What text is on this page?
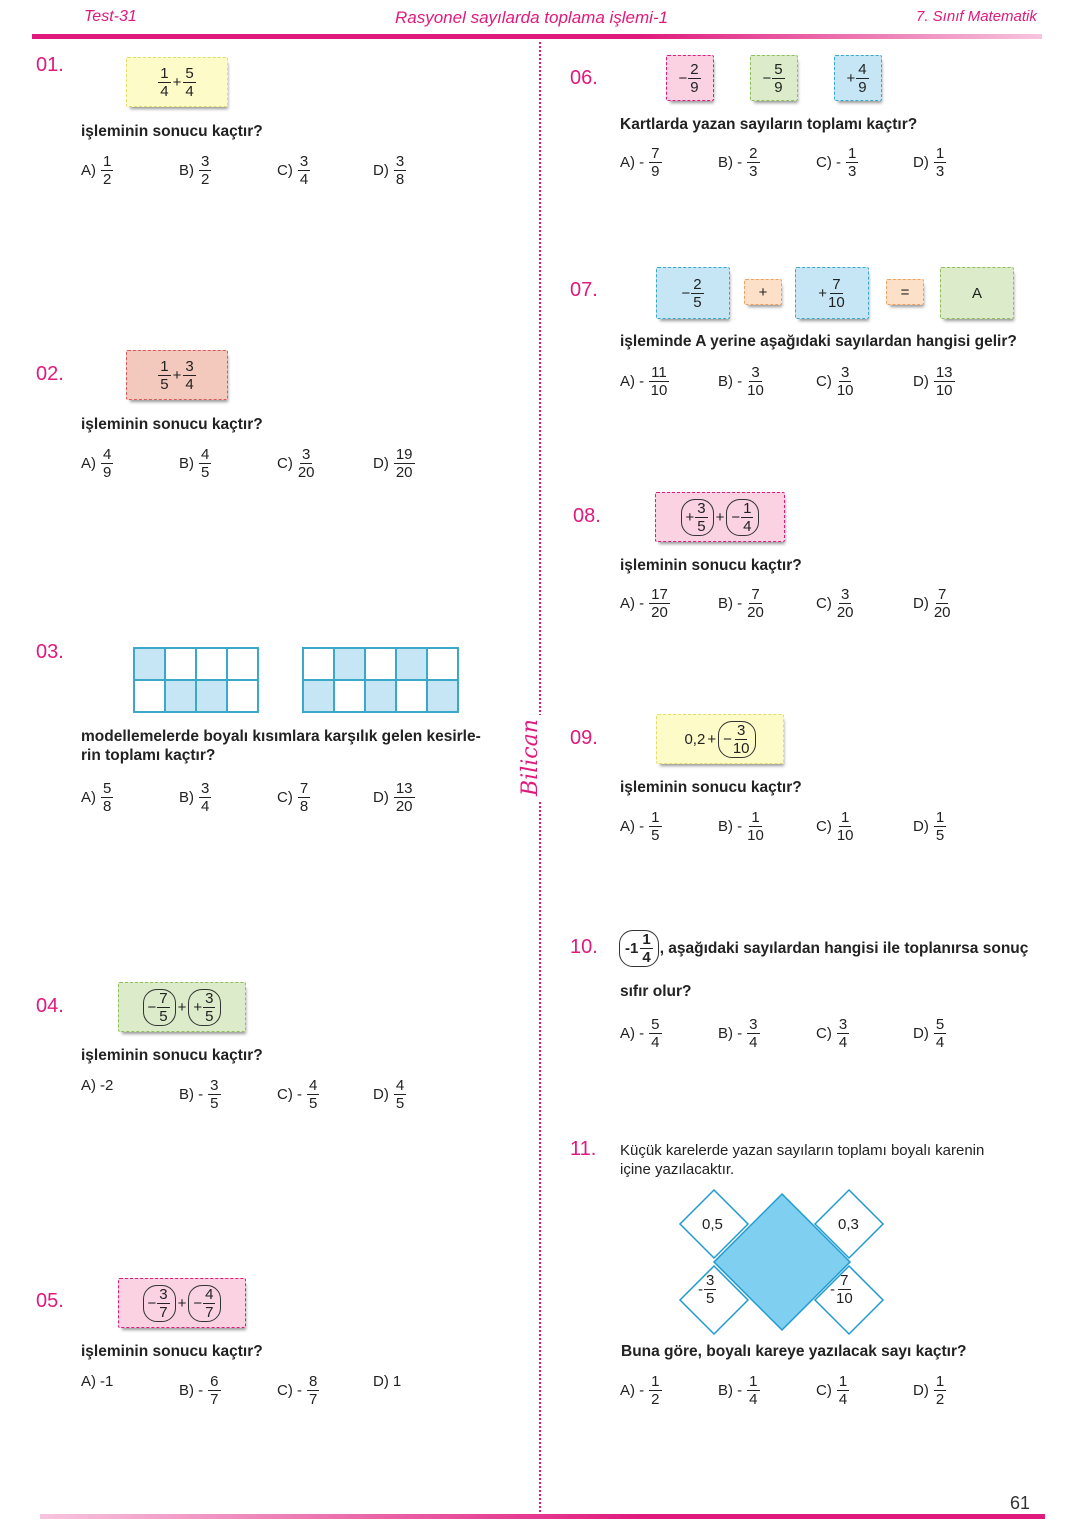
Test-31	Rasyonel sayılarda toplama işlemi-1	7. Sınıf Matematik
Bilican
61
01.	$\frac{1}{4} + \frac{5}{4}$
işleminin sonucu kaçtır?
$A) \frac{1}{2}$	$B) \frac{3}{2}$	$C) \frac{3}{4}$	$D) \frac{3}{8}$
02.	$\frac{1}{5} + \frac{3}{4}$
işleminin sonucu kaçtır?
$A) \frac{4}{9}$	$B) \frac{4}{5}$	$C) \frac{3}{20}$	$D) \frac{19}{20}$
03.
modellemelerde boyalı kısımlara karşılık gelen kesirle-
rin toplamı kaçtır?
$A) \frac{5}{8}$	$B) \frac{3}{4}$	$C) \frac{7}{8}$	$D) \frac{13}{20}$
04.	− $\frac{7}{5}$ + + $\frac{3}{5}$
işleminin sonucu kaçtır?
A) -2
$B) - \frac{3}{5}$	$C) - \frac{4}{5}$	$D) \frac{4}{5}$
05.	− $\frac{3}{7}$ + − $\frac{4}{7}$
işleminin sonucu kaçtır?
A) -1
$B) - \frac{6}{7}$	$C) - \frac{8}{7}$	D) 1
06.	− $\frac{2}{9}$	− $\frac{5}{9}$	+ $\frac{4}{9}$
Kartlarda yazan sayıların toplamı kaçtır?
$A) - \frac{7}{9}$	$B) - \frac{2}{3}$	$C) - \frac{1}{3}$	$D) \frac{1}{3}$
07.	− $\frac{2}{5}$	+	+ $\frac{7}{10}$	=	A
işleminde A yerine aşağıdaki sayılardan hangisi gelir?
$A) - \frac{11}{10}$	$B) - \frac{3}{10}$	$C) \frac{3}{10}$	$D) \frac{13}{10}$
08.	+ $\frac{3}{5}$ + − $\frac{1}{4}$
işleminin sonucu kaçtır?
$A) - \frac{17}{20}$	$B) - \frac{7}{20}$	$C) \frac{3}{20}$	$D) \frac{7}{20}$
09.	0,2 + − $\frac{3}{10}$
işleminin sonucu kaçtır?
$A) - \frac{1}{5}$	$B) - \frac{1}{10}$	$C) \frac{1}{10}$	$D) \frac{1}{5}$
10. $-1 \frac{1}{4}$ , aşağıdaki sayılardan hangisi ile toplanırsa sonuç
sıfır olur?
$A) - \frac{5}{4}$	$B) - \frac{3}{4}$	$C) \frac{3}{4}$	$D) \frac{5}{4}$
11. Küçük karelerde yazan sayıların toplamı boyalı karenin
içine yazılacaktır.
0,5	0,3
- $\frac{3}{5}$	- $\frac{7}{10}$
Buna göre, boyalı kareye yazılacak sayı kaçtır?
$A) - \frac{1}{2}$	$B) - \frac{1}{4}$	$C) \frac{1}{4}$	$D) \frac{1}{2}$
